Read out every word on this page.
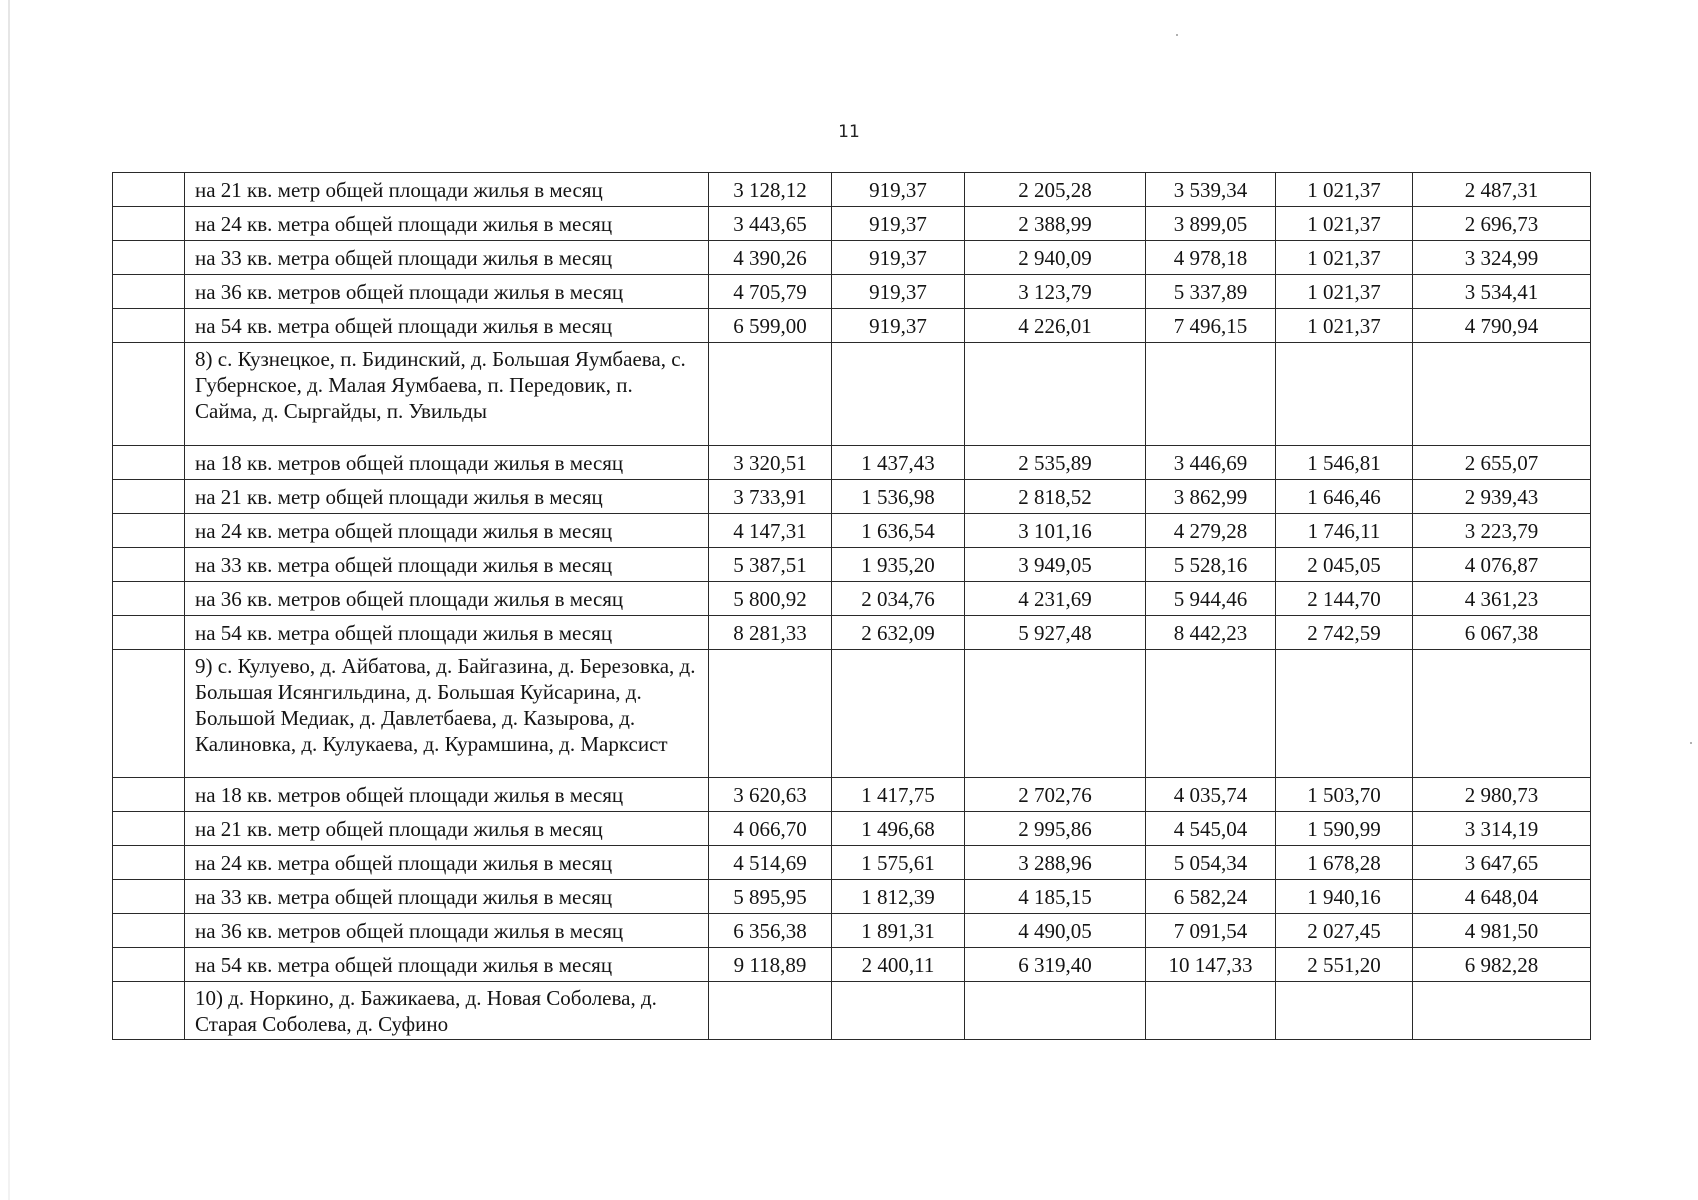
11
	на 21 кв. метр общей площади жилья в месяц	3 128,12	919,37	2 205,28	3 539,34	1 021,37	2 487,31
	на 24 кв. метра общей площади жилья в месяц	3 443,65	919,37	2 388,99	3 899,05	1 021,37	2 696,73
	на 33 кв. метра общей площади жилья в месяц	4 390,26	919,37	2 940,09	4 978,18	1 021,37	3 324,99
	на 36 кв. метров общей площади жилья в месяц	4 705,79	919,37	3 123,79	5 337,89	1 021,37	3 534,41
	на 54 кв. метра общей площади жилья в месяц	6 599,00	919,37	4 226,01	7 496,15	1 021,37	4 790,94
	8) с. Кузнецкое, п. Бидинский, д. Большая Яумбаева, с. Губернское, д. Малая Яумбаева, п. Передовик, п. Сайма, д. Сыргайды, п. Увильды						
	на 18 кв. метров общей площади жилья в месяц	3 320,51	1 437,43	2 535,89	3 446,69	1 546,81	2 655,07
	на 21 кв. метр общей площади жилья в месяц	3 733,91	1 536,98	2 818,52	3 862,99	1 646,46	2 939,43
	на 24 кв. метра общей площади жилья в месяц	4 147,31	1 636,54	3 101,16	4 279,28	1 746,11	3 223,79
	на 33 кв. метра общей площади жилья в месяц	5 387,51	1 935,20	3 949,05	5 528,16	2 045,05	4 076,87
	на 36 кв. метров общей площади жилья в месяц	5 800,92	2 034,76	4 231,69	5 944,46	2 144,70	4 361,23
	на 54 кв. метра общей площади жилья в месяц	8 281,33	2 632,09	5 927,48	8 442,23	2 742,59	6 067,38
	9) с. Кулуево, д. Айбатова, д. Байгазина, д. Березовка, д. Большая Исянгильдина, д. Большая Куйсарина, д. Большой Медиак, д. Давлетбаева, д. Казырова, д. Калиновка, д. Кулукаева, д. Курамшина, д. Марксист						
	на 18 кв. метров общей площади жилья в месяц	3 620,63	1 417,75	2 702,76	4 035,74	1 503,70	2 980,73
	на 21 кв. метр общей площади жилья в месяц	4 066,70	1 496,68	2 995,86	4 545,04	1 590,99	3 314,19
	на 24 кв. метра общей площади жилья в месяц	4 514,69	1 575,61	3 288,96	5 054,34	1 678,28	3 647,65
	на 33 кв. метра общей площади жилья в месяц	5 895,95	1 812,39	4 185,15	6 582,24	1 940,16	4 648,04
	на 36 кв. метров общей площади жилья в месяц	6 356,38	1 891,31	4 490,05	7 091,54	2 027,45	4 981,50
	на 54 кв. метра общей площади жилья в месяц	9 118,89	2 400,11	6 319,40	10 147,33	2 551,20	6 982,28
	10) д. Норкино, д. Бажикаева, д. Новая Соболева, д. Старая Соболева, д. Суфино						
